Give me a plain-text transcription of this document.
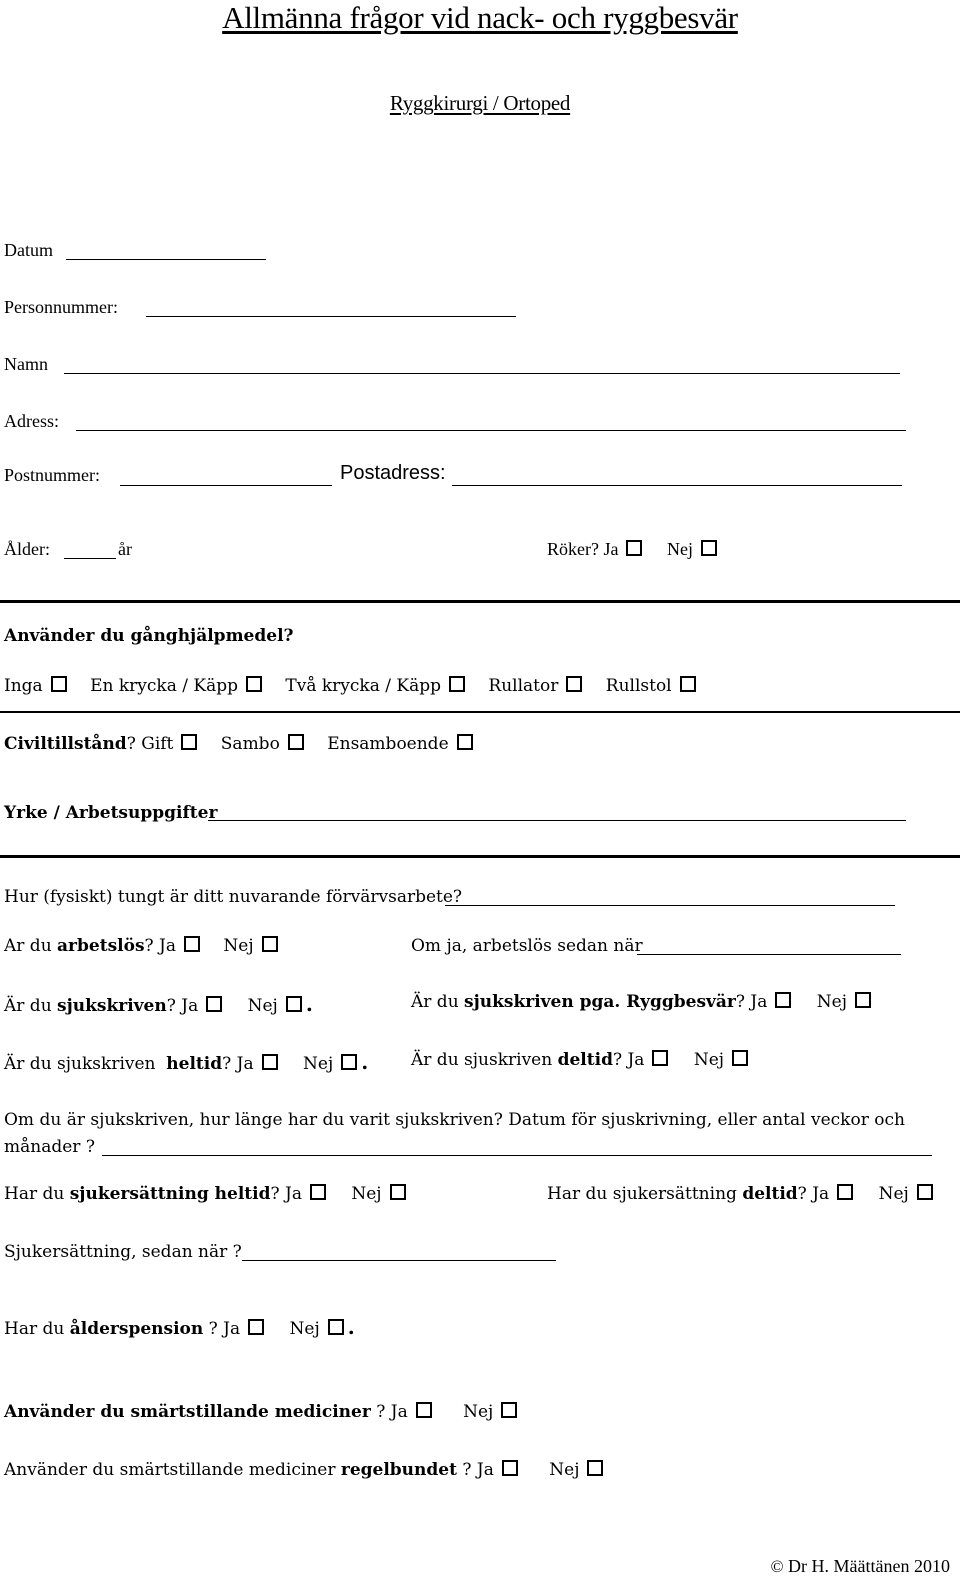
Allmänna frågor vid nack- och ryggbesvär
Ryggkirurgi / Ortoped
Datum
Personnummer:
Namn
Adress:
Postnummer:	Postadress:
Ålder:	år	Röker? Ja	Nej
Använder du gånghjälpmedel?
Inga	En krycka / Käpp	Två krycka / Käpp	Rullator	Rullstol
Civiltillstånd? Gift	Sambo	Ensamboende
Yrke / Arbetsuppgifter
Hur (fysiskt) tungt är ditt nuvarande förvärvsarbete?
Ar du arbetslös? Ja	Nej	Om ja, arbetslös sedan när
Är du sjukskriven? Ja	Nej .	Är du sjukskriven pga. Ryggbesvär? Ja	Nej
Är du sjukskriven  heltid? Ja	Nej .	Är du sjuskriven deltid? Ja	Nej
Om du är sjukskriven, hur länge har du varit sjukskriven? Datum för sjuskrivning, eller antal veckor och
månader ?
Har du sjukersättning heltid? Ja	Nej	Har du sjukersättning deltid? Ja	Nej
Sjukersättning, sedan när ?
Har du ålderspension ? Ja	Nej .
Använder du smärtstillande mediciner ? Ja	Nej
Använder du smärtstillande mediciner regelbundet ? Ja	Nej
© Dr H. Määttänen 2010
